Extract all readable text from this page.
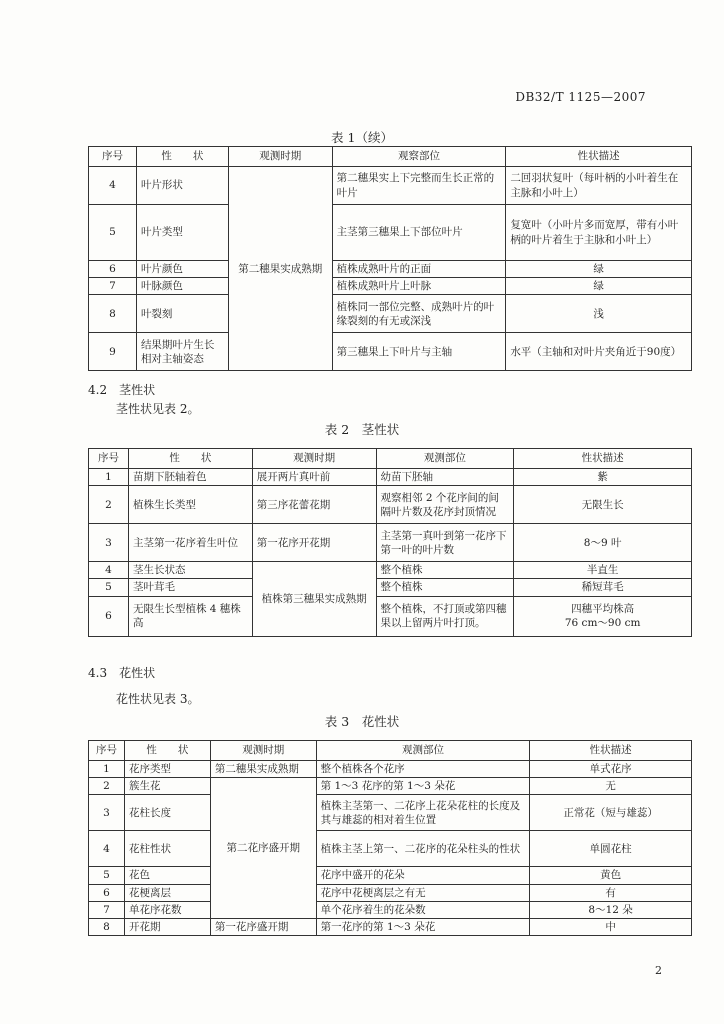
DB32/T 1125—2007
表 1（续）
序号	性　　状	观测时期	观察部位	性状描述
4	叶片形状	第二穗果实成熟期	第二穗果实上下完整而生长正常的叶片	二回羽状复叶（每叶柄的小叶着生在主脉和小叶上）
5	叶片类型		主茎第三穗果上下部位叶片	复宽叶（小叶片多而宽厚，带有小叶柄的叶片着生于主脉和小叶上）
6	叶片颜色		植株成熟叶片的正面	绿
7	叶脉颜色		植株成熟叶片上叶脉	绿
8	叶裂刻		植株同一部位完整、成熟叶片的叶缘裂刻的有无或深浅	浅
9	结果期叶片生长相对主轴姿态		第三穗果上下叶片与主轴	水平（主轴和对叶片夹角近于90度）
4.2　茎性状
茎性状见表 2。
表 2　茎性状
序号	性　　状	观测时期	观测部位	性状描述
1	苗期下胚轴着色	展开两片真叶前	幼苗下胚轴	紫
2	植株生长类型	第三序花蕾花期	观察相邻 2 个花序间的间隔叶片数及花序封顶情况	无限生长
3	主茎第一花序着生叶位	第一花序开花期	主茎第一真叶到第一花序下第一叶的叶片数	8～9 叶
4	茎生长状态	植株第三穗果实成熟期	整个植株	半直生
5	茎叶茸毛		整个植株	稀短茸毛
6	无限生长型植株 4 穗株高		整个植株，不打顶或第四穗果以上留两片叶打顶。	四穗平均株高
76 cm～90 cm
4.3　花性状
花性状见表 3。
表 3　花性状
序号	性　　状	观测时期	观测部位	性状描述
1	花序类型	第二穗果实成熟期	整个植株各个花序	单式花序
2	簇生花	第二花序盛开期	第 1～3 花序的第 1～3 朵花	无
3	花柱长度		植株主茎第一、二花序上花朵花柱的长度及其与雄蕊的相对着生位置	正常花（短与雄蕊）
4	花柱性状		植株主茎上第一、二花序的花朵柱头的性状	单圆花柱
5	花色		花序中盛开的花朵	黄色
6	花梗离层		花序中花梗离层之有无	有
7	单花序花数		单个花序着生的花朵数	8～12 朵
8	开花期	第一花序盛开期	第一花序的第 1～3 朵花	中
2
